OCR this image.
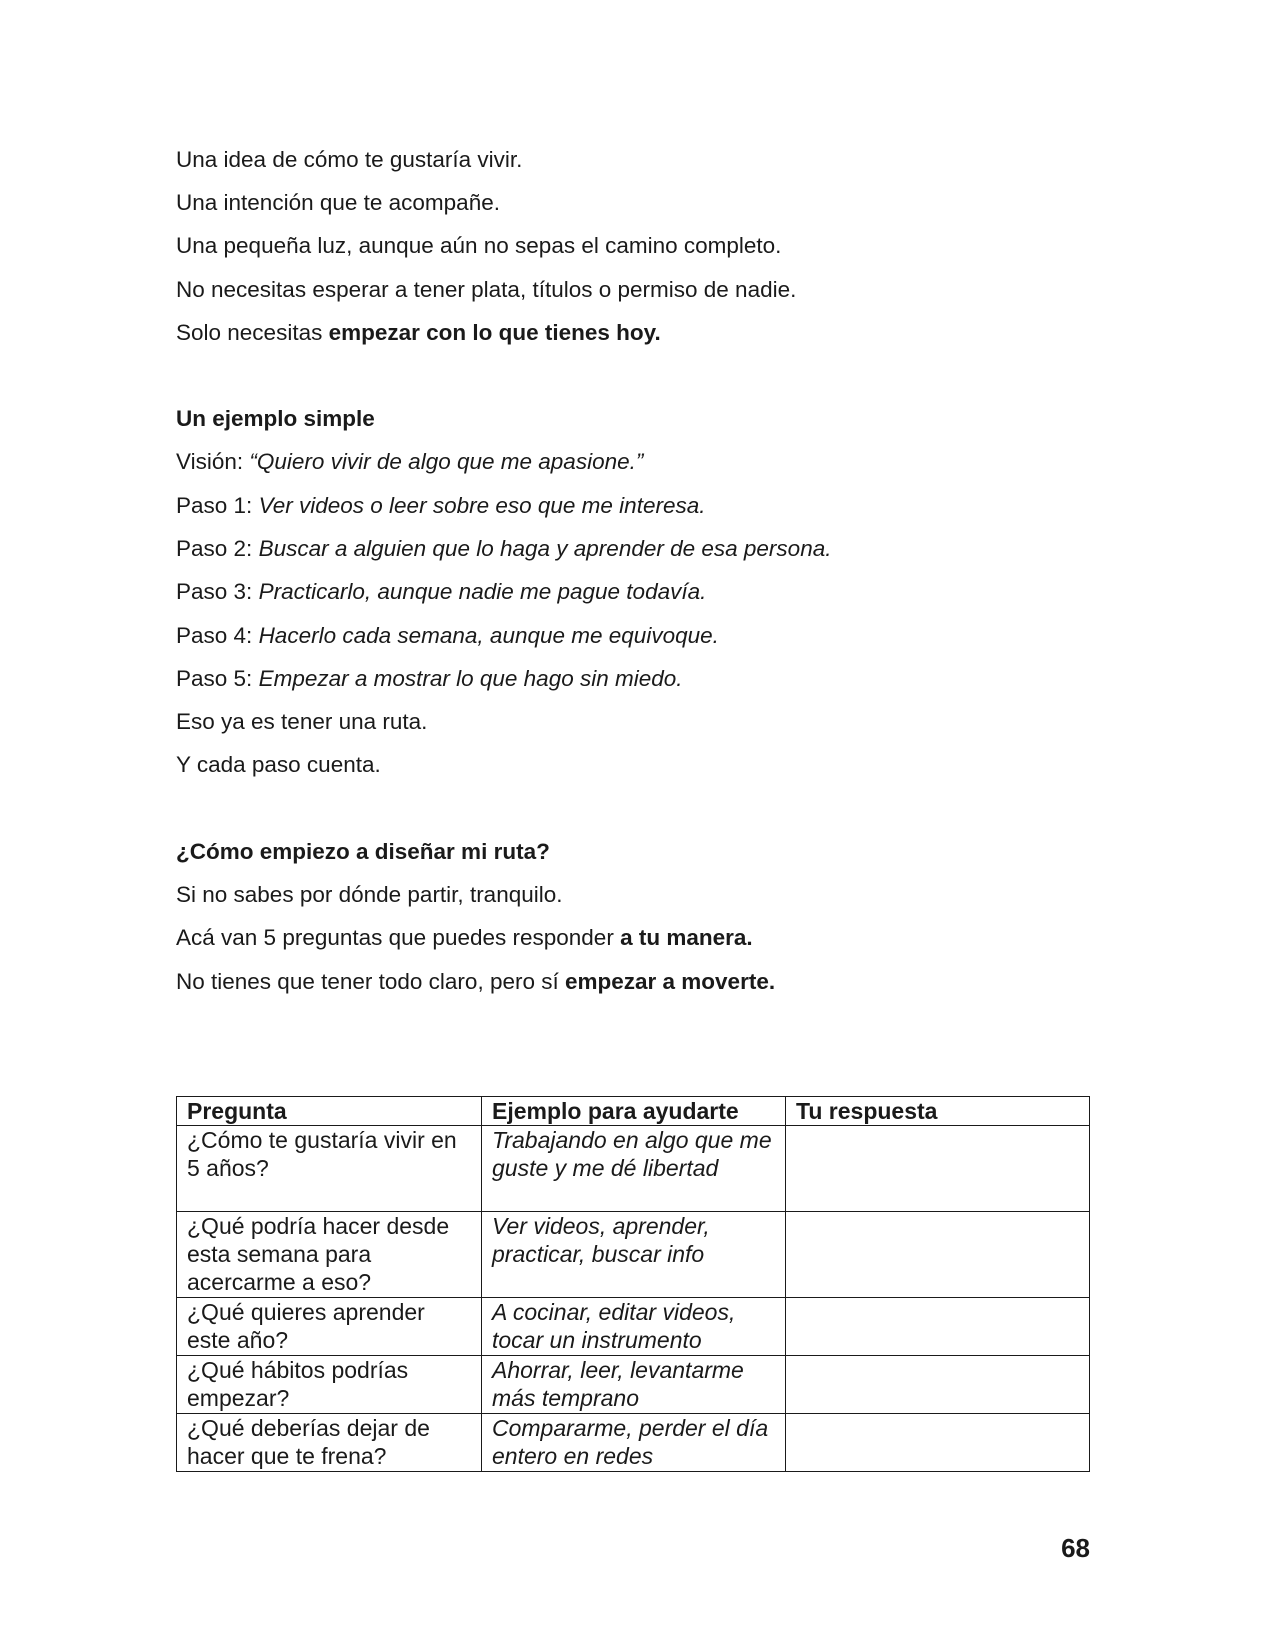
Una idea de cómo te gustaría vivir.
Una intención que te acompañe.
Una pequeña luz, aunque aún no sepas el camino completo.
No necesitas esperar a tener plata, títulos o permiso de nadie.
Solo necesitas empezar con lo que tienes hoy.
Un ejemplo simple
Visión: “Quiero vivir de algo que me apasione.”
Paso 1: Ver videos o leer sobre eso que me interesa.
Paso 2: Buscar a alguien que lo haga y aprender de esa persona.
Paso 3: Practicarlo, aunque nadie me pague todavía.
Paso 4: Hacerlo cada semana, aunque me equivoque.
Paso 5: Empezar a mostrar lo que hago sin miedo.
Eso ya es tener una ruta.
Y cada paso cuenta.
¿Cómo empiezo a diseñar mi ruta?
Si no sabes por dónde partir, tranquilo.
Acá van 5 preguntas que puedes responder a tu manera.
No tienes que tener todo claro, pero sí empezar a moverte.
Pregunta	Ejemplo para ayudarte	Tu respuesta
¿Cómo te gustaría vivir en 5 años?	Trabajando en algo que me guste y me dé libertad	
¿Qué podría hacer desde esta semana para acercarme a eso?	Ver videos, aprender, practicar, buscar info	
¿Qué quieres aprender este año?	A cocinar, editar videos, tocar un instrumento	
¿Qué hábitos podrías empezar?	Ahorrar, leer, levantarme más temprano	
¿Qué deberías dejar de hacer que te frena?	Compararme, perder el día entero en redes	
68
